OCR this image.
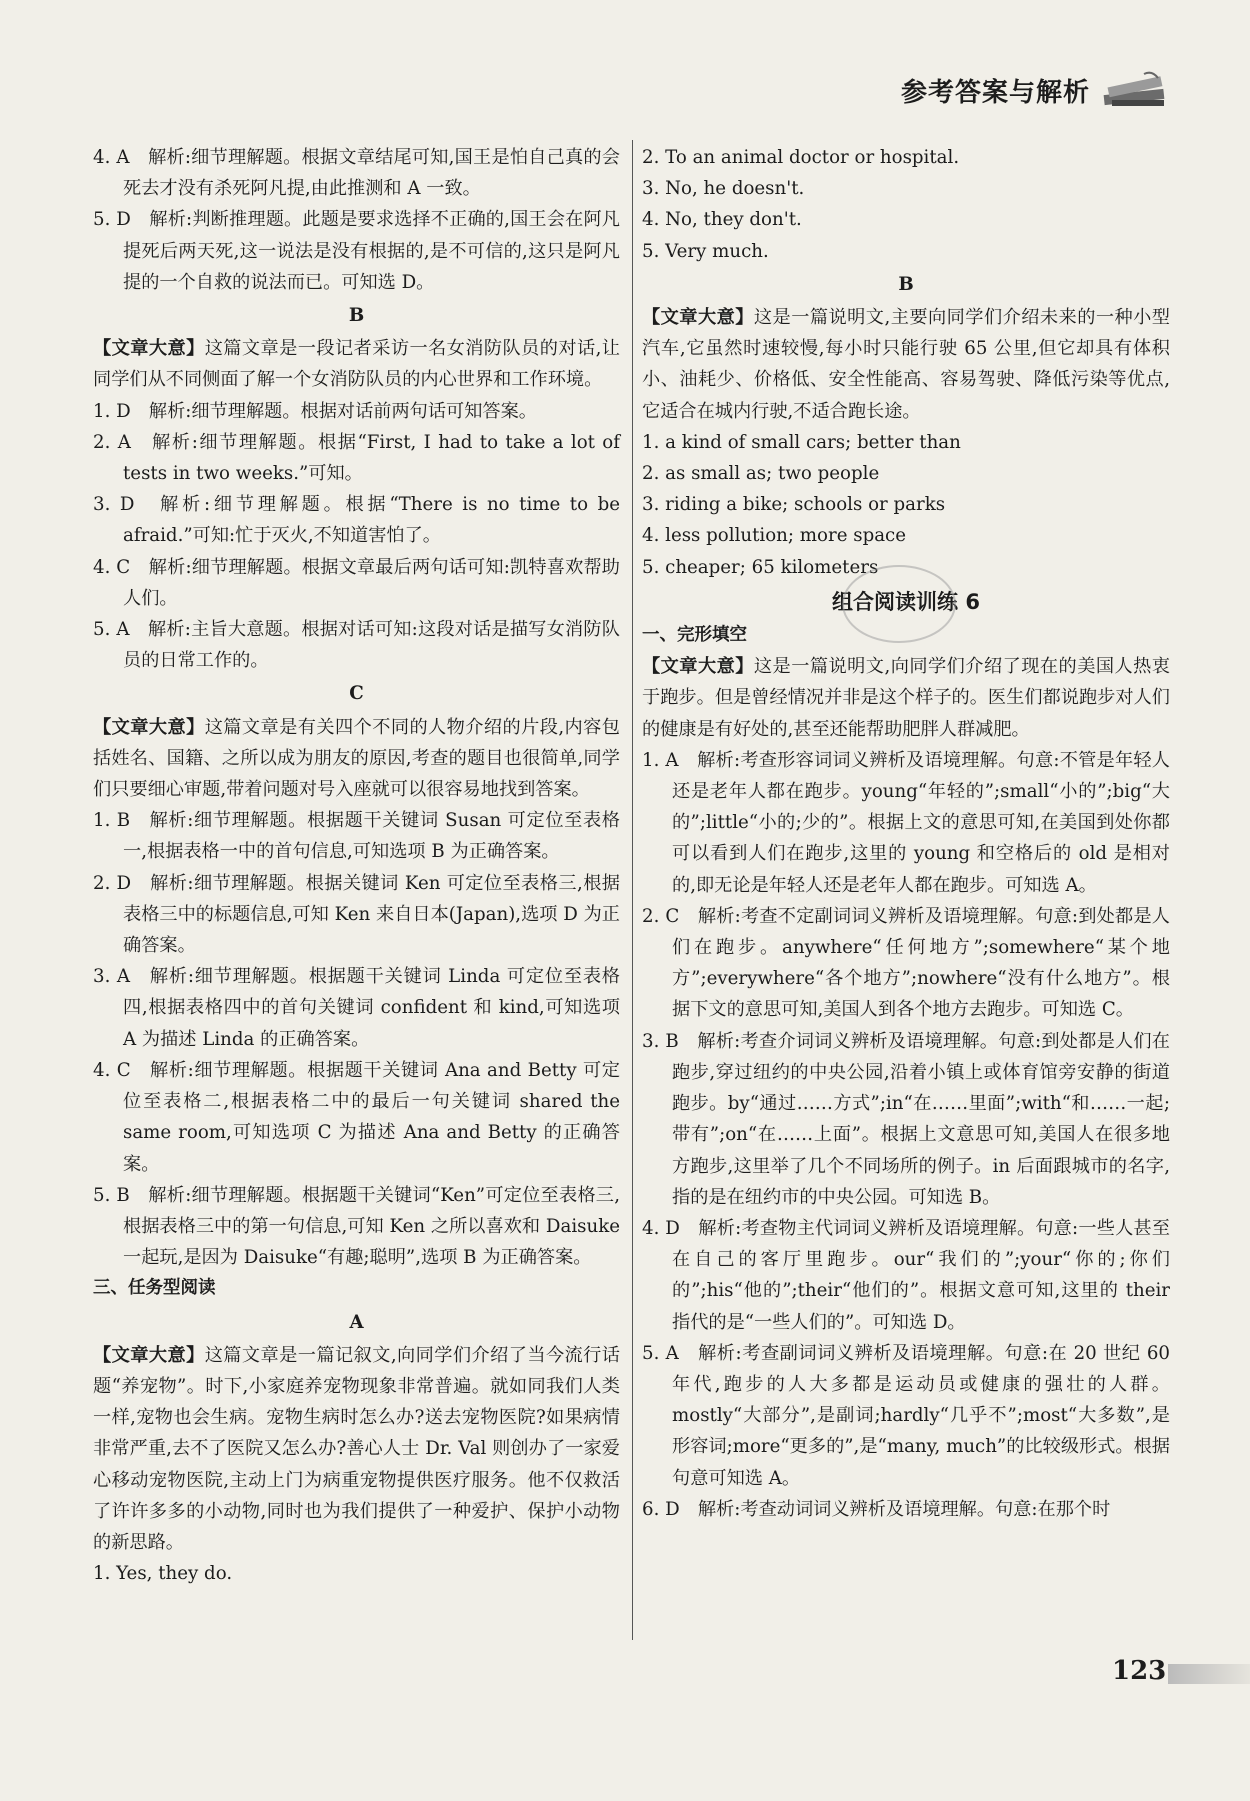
参考答案与解析

4. A　解析:细节理解题。根据文章结尾可知,国王是怕自己真的会死去才没有杀死阿凡提,由此推测和 A 一致。

5. D　解析:判断推理题。此题是要求选择不正确的,国王会在阿凡提死后两天死,这一说法是没有根据的,是不可信的,这只是阿凡提的一个自救的说法而已。可知选 D。

B

【文章大意】这篇文章是一段记者采访一名女消防队员的对话,让同学们从不同侧面了解一个女消防队员的内心世界和工作环境。

1. D　解析:细节理解题。根据对话前两句话可知答案。

2. A　解析:细节理解题。根据“First, I had to take a lot of tests in two weeks.”可知。

3. D　解析:细节理解题。根据“There is no time to be afraid.”可知:忙于灭火,不知道害怕了。

4. C　解析:细节理解题。根据文章最后两句话可知:凯特喜欢帮助人们。

5. A　解析:主旨大意题。根据对话可知:这段对话是描写女消防队员的日常工作的。

C

【文章大意】这篇文章是有关四个不同的人物介绍的片段,内容包括姓名、国籍、之所以成为朋友的原因,考查的题目也很简单,同学们只要细心审题,带着问题对号入座就可以很容易地找到答案。

1. B　解析:细节理解题。根据题干关键词 Susan 可定位至表格一,根据表格一中的首句信息,可知选项 B 为正确答案。

2. D　解析:细节理解题。根据关键词 Ken 可定位至表格三,根据表格三中的标题信息,可知 Ken 来自日本(Japan),选项 D 为正确答案。

3. A　解析:细节理解题。根据题干关键词 Linda 可定位至表格四,根据表格四中的首句关键词 confident 和 kind,可知选项 A 为描述 Linda 的正确答案。

4. C　解析:细节理解题。根据题干关键词 Ana and Betty 可定位至表格二,根据表格二中的最后一句关键词 shared the same room,可知选项 C 为描述 Ana and Betty 的正确答案。

5. B　解析:细节理解题。根据题干关键词“Ken”可定位至表格三,根据表格三中的第一句信息,可知 Ken 之所以喜欢和 Daisuke 一起玩,是因为 Daisuke“有趣;聪明”,选项 B 为正确答案。

三、任务型阅读

A

【文章大意】这篇文章是一篇记叙文,向同学们介绍了当今流行话题“养宠物”。时下,小家庭养宠物现象非常普遍。就如同我们人类一样,宠物也会生病。宠物生病时怎么办?送去宠物医院?如果病情非常严重,去不了医院又怎么办?善心人士 Dr. Val 则创办了一家爱心移动宠物医院,主动上门为病重宠物提供医疗服务。他不仅救活了许许多多的小动物,同时也为我们提供了一种爱护、保护小动物的新思路。

1. Yes, they do.

2. To an animal doctor or hospital.

3. No, he doesn't.

4. No, they don't.

5. Very much.

B

【文章大意】这是一篇说明文,主要向同学们介绍未来的一种小型汽车,它虽然时速较慢,每小时只能行驶 65 公里,但它却具有体积小、油耗少、价格低、安全性能高、容易驾驶、降低污染等优点,它适合在城内行驶,不适合跑长途。

1. a kind of small cars; better than

2. as small as; two people

3. riding a bike; schools or parks

4. less pollution; more space

5. cheaper; 65 kilometers

组合阅读训练 6

一、完形填空

【文章大意】这是一篇说明文,向同学们介绍了现在的美国人热衷于跑步。但是曾经情况并非是这个样子的。医生们都说跑步对人们的健康是有好处的,甚至还能帮助肥胖人群减肥。

1. A　解析:考查形容词词义辨析及语境理解。句意:不管是年轻人还是老年人都在跑步。young“年轻的”;small“小的”;big“大的”;little“小的;少的”。根据上文的意思可知,在美国到处你都可以看到人们在跑步,这里的 young 和空格后的 old 是相对的,即无论是年轻人还是老年人都在跑步。可知选 A。

2. C　解析:考查不定副词词义辨析及语境理解。句意:到处都是人们在跑步。anywhere“任何地方”;somewhere“某个地方”;everywhere“各个地方”;nowhere“没有什么地方”。根据下文的意思可知,美国人到各个地方去跑步。可知选 C。

3. B　解析:考查介词词义辨析及语境理解。句意:到处都是人们在跑步,穿过纽约的中央公园,沿着小镇上或体育馆旁安静的街道跑步。by“通过……方式”;in“在……里面”;with“和……一起;带有”;on“在……上面”。根据上文意思可知,美国人在很多地方跑步,这里举了几个不同场所的例子。in 后面跟城市的名字,指的是在纽约市的中央公园。可知选 B。

4. D　解析:考查物主代词词义辨析及语境理解。句意:一些人甚至在自己的客厅里跑步。our“我们的”;your“你的;你们的”;his“他的”;their“他们的”。根据文意可知,这里的 their 指代的是“一些人们的”。可知选 D。

5. A　解析:考查副词词义辨析及语境理解。句意:在 20 世纪 60 年代,跑步的人大多都是运动员或健康的强壮的人群。mostly“大部分”,是副词;hardly“几乎不”;most“大多数”,是形容词;more“更多的”,是“many, much”的比较级形式。根据句意可知选 A。

6. D　解析:考查动词词义辨析及语境理解。句意:在那个时

123
